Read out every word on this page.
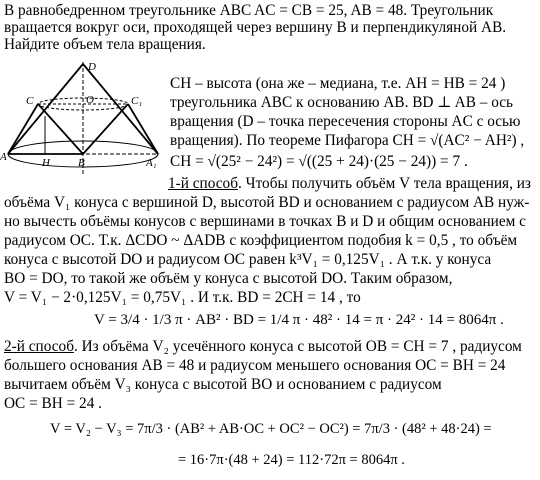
В равнобедренном треугольнике ABC AC = CB = 25, AB = 48. Треугольник
вращается вокруг оси, проходящей через вершину B и перпендикуляной AB.
Найдите объем тела вращения.
D
C	O	C₁
A	H	B	A₁
CH – высота (она же – медиана, т.е. AH = HB = 24 )
треугольника ABC к основанию AB. BD ⊥ AB – ось
вращения (D – точка пересечения стороны AC с осью
вращения). По теореме Пифагора CH = √(AC² − AH²) ,
CH = √(25² − 24²) = √((25 + 24)·(25 − 24)) = 7 .
1-й способ. Чтобы получить объём V тела вращения, из
объёма V₁ конуса с вершиной D, высотой BD и основанием с радиусом AB нуж-
но вычесть объёмы конусов с вершинами в точках B и D и общим основанием с
радиусом OC. Т.к. ΔCDO ~ ΔADB с коэффициентом подобия k = 0,5 , то объём
конуса с высотой DO и радиусом OC равен k³V₁ = 0,125V₁ . А т.к. у конуса
BO = DO, то такой же объём у конуса с высотой DO. Таким образом,
V = V₁ − 2·0,125V₁ = 0,75V₁ . И т.к. BD = 2CH = 14 , то
V = 3/4 · 1/3 π · AB² · BD = 1/4 π · 48² · 14 = π · 24² · 14 = 8064π .
2-й способ. Из объёма V₂ усечённого конуса с высотой OB = CH = 7 , радиусом
большего основания AB = 48 и радиусом меньшего основания OC = BH = 24
вычитаем объём V₃ конуса с высотой BO и основанием с радиусом
OC = BH = 24 .
V = V₂ − V₃ = 7π/3 · (AB² + AB·OC + OC² − OC²) = 7π/3 · (48² + 48·24) =
= 16·7π·(48 + 24) = 112·72π = 8064π .
